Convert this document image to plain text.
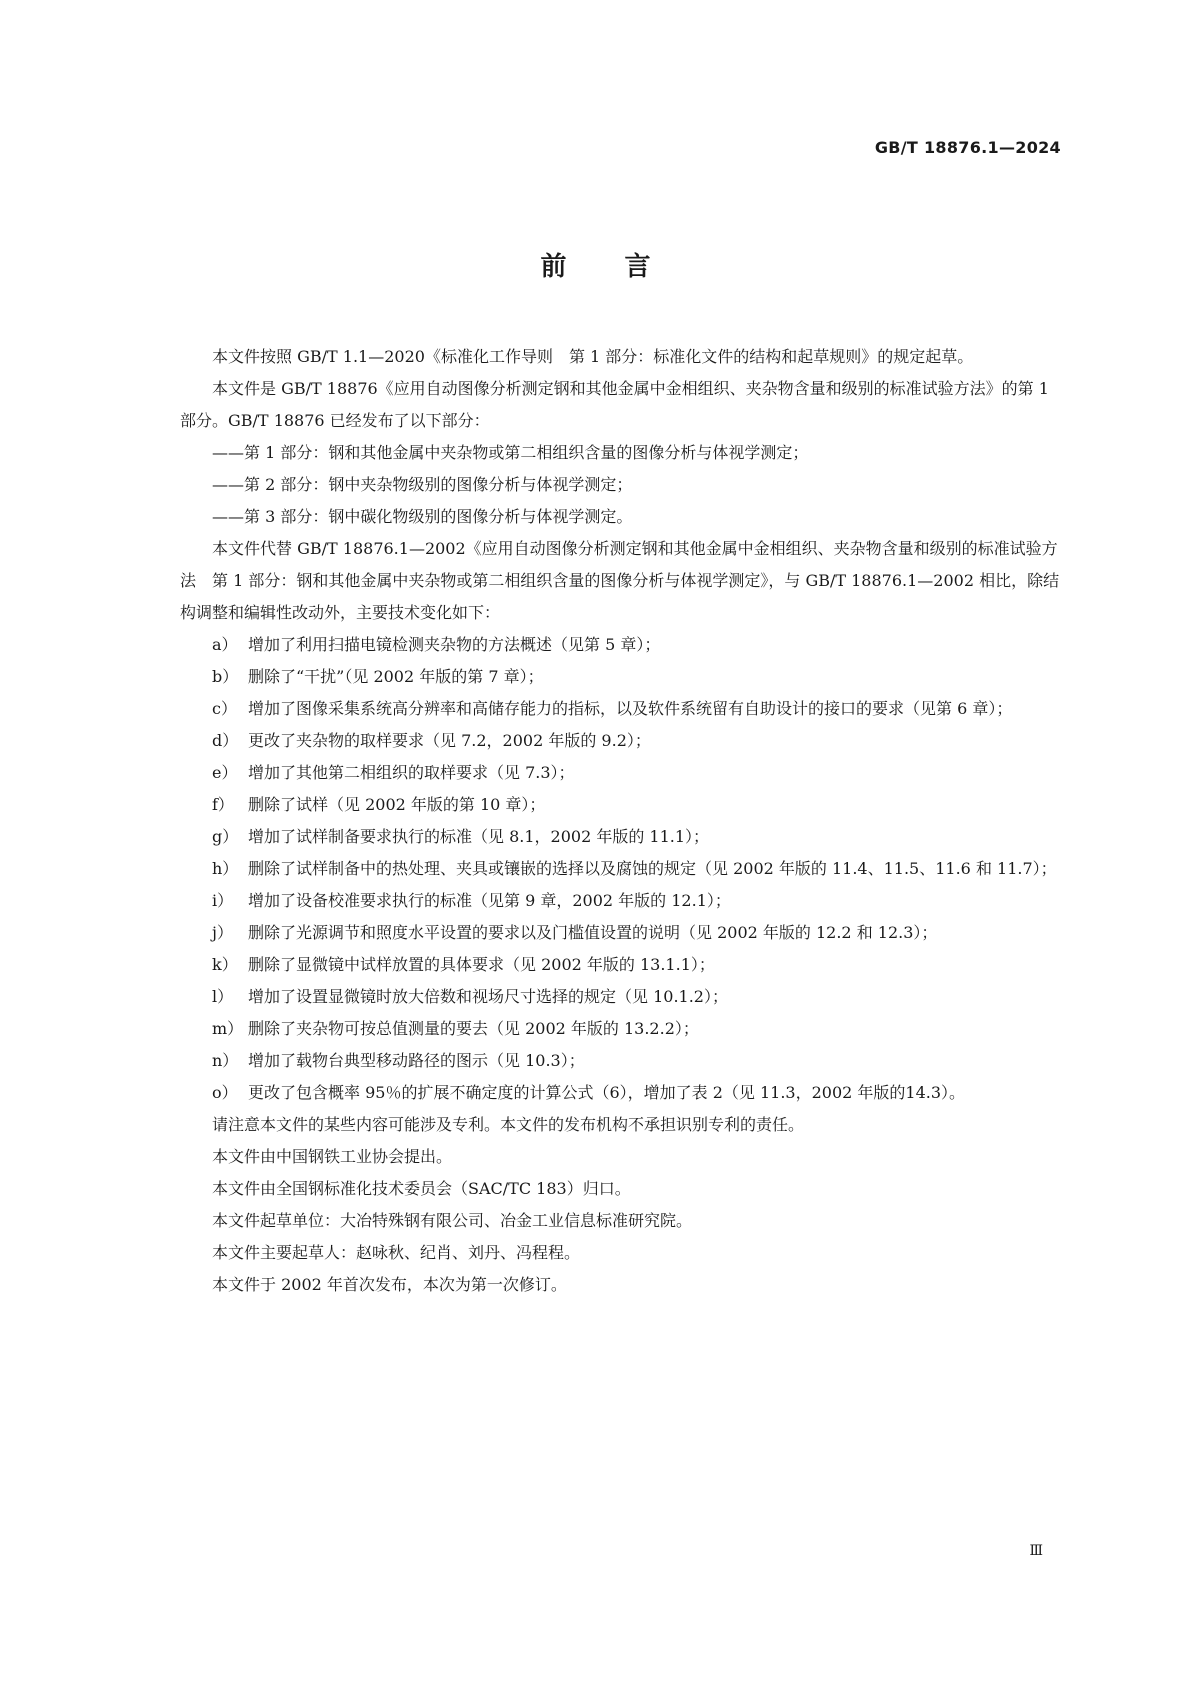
GB/T 18876.1—2024
前言

本文件按照 GB/T 1.1—2020《标准化工作导则　第 1 部分：标准化文件的结构和起草规则》的规定起草。

本文件是 GB/T 18876《应用自动图像分析测定钢和其他金属中金相组织、夹杂物含量和级别的标准试验方法》的第 1 部分。GB/T 18876 已经发布了以下部分：

——第 1 部分：钢和其他金属中夹杂物或第二相组织含量的图像分析与体视学测定；

——第 2 部分：钢中夹杂物级别的图像分析与体视学测定；

——第 3 部分：钢中碳化物级别的图像分析与体视学测定。

本文件代替 GB/T 18876.1—2002《应用自动图像分析测定钢和其他金属中金相组织、夹杂物含量和级别的标准试验方法　第 1 部分：钢和其他金属中夹杂物或第二相组织含量的图像分析与体视学测定》，与 GB/T 18876.1—2002 相比，除结构调整和编辑性改动外，主要技术变化如下：

a） 增加了利用扫描电镜检测夹杂物的方法概述（见第 5 章）；

b） 删除了“干扰”（见 2002 年版的第 7 章）；

c） 增加了图像采集系统高分辨率和高储存能力的指标，以及软件系统留有自助设计的接口的要求（见第 6 章）；

d） 更改了夹杂物的取样要求（见 7.2，2002 年版的 9.2）；

e） 增加了其他第二相组织的取样要求（见 7.3）；

f） 删除了试样（见 2002 年版的第 10 章）；

g） 增加了试样制备要求执行的标准（见 8.1，2002 年版的 11.1）；

h） 删除了试样制备中的热处理、夹具或镶嵌的选择以及腐蚀的规定（见 2002 年版的 11.4、11.5、11.6 和 11.7）；

i） 增加了设备校准要求执行的标准（见第 9 章，2002 年版的 12.1）；

j） 删除了光源调节和照度水平设置的要求以及门槛值设置的说明（见 2002 年版的 12.2 和 12.3）；

k） 删除了显微镜中试样放置的具体要求（见 2002 年版的 13.1.1）；

l） 增加了设置显微镜时放大倍数和视场尺寸选择的规定（见 10.1.2）；

m） 删除了夹杂物可按总值测量的要去（见 2002 年版的 13.2.2）；

n） 增加了载物台典型移动路径的图示（见 10.3）；

o） 更改了包含概率 95％的扩展不确定度的计算公式（6），增加了表 2（见 11.3，2002 年版的14.3）。

请注意本文件的某些内容可能涉及专利。本文件的发布机构不承担识别专利的责任。

本文件由中国钢铁工业协会提出。

本文件由全国钢标准化技术委员会（SAC/TC 183）归口。

本文件起草单位：大冶特殊钢有限公司、冶金工业信息标准研究院。

本文件主要起草人：赵咏秋、纪肖、刘丹、冯程程。

本文件于 2002 年首次发布，本次为第一次修订。

Ⅲ
